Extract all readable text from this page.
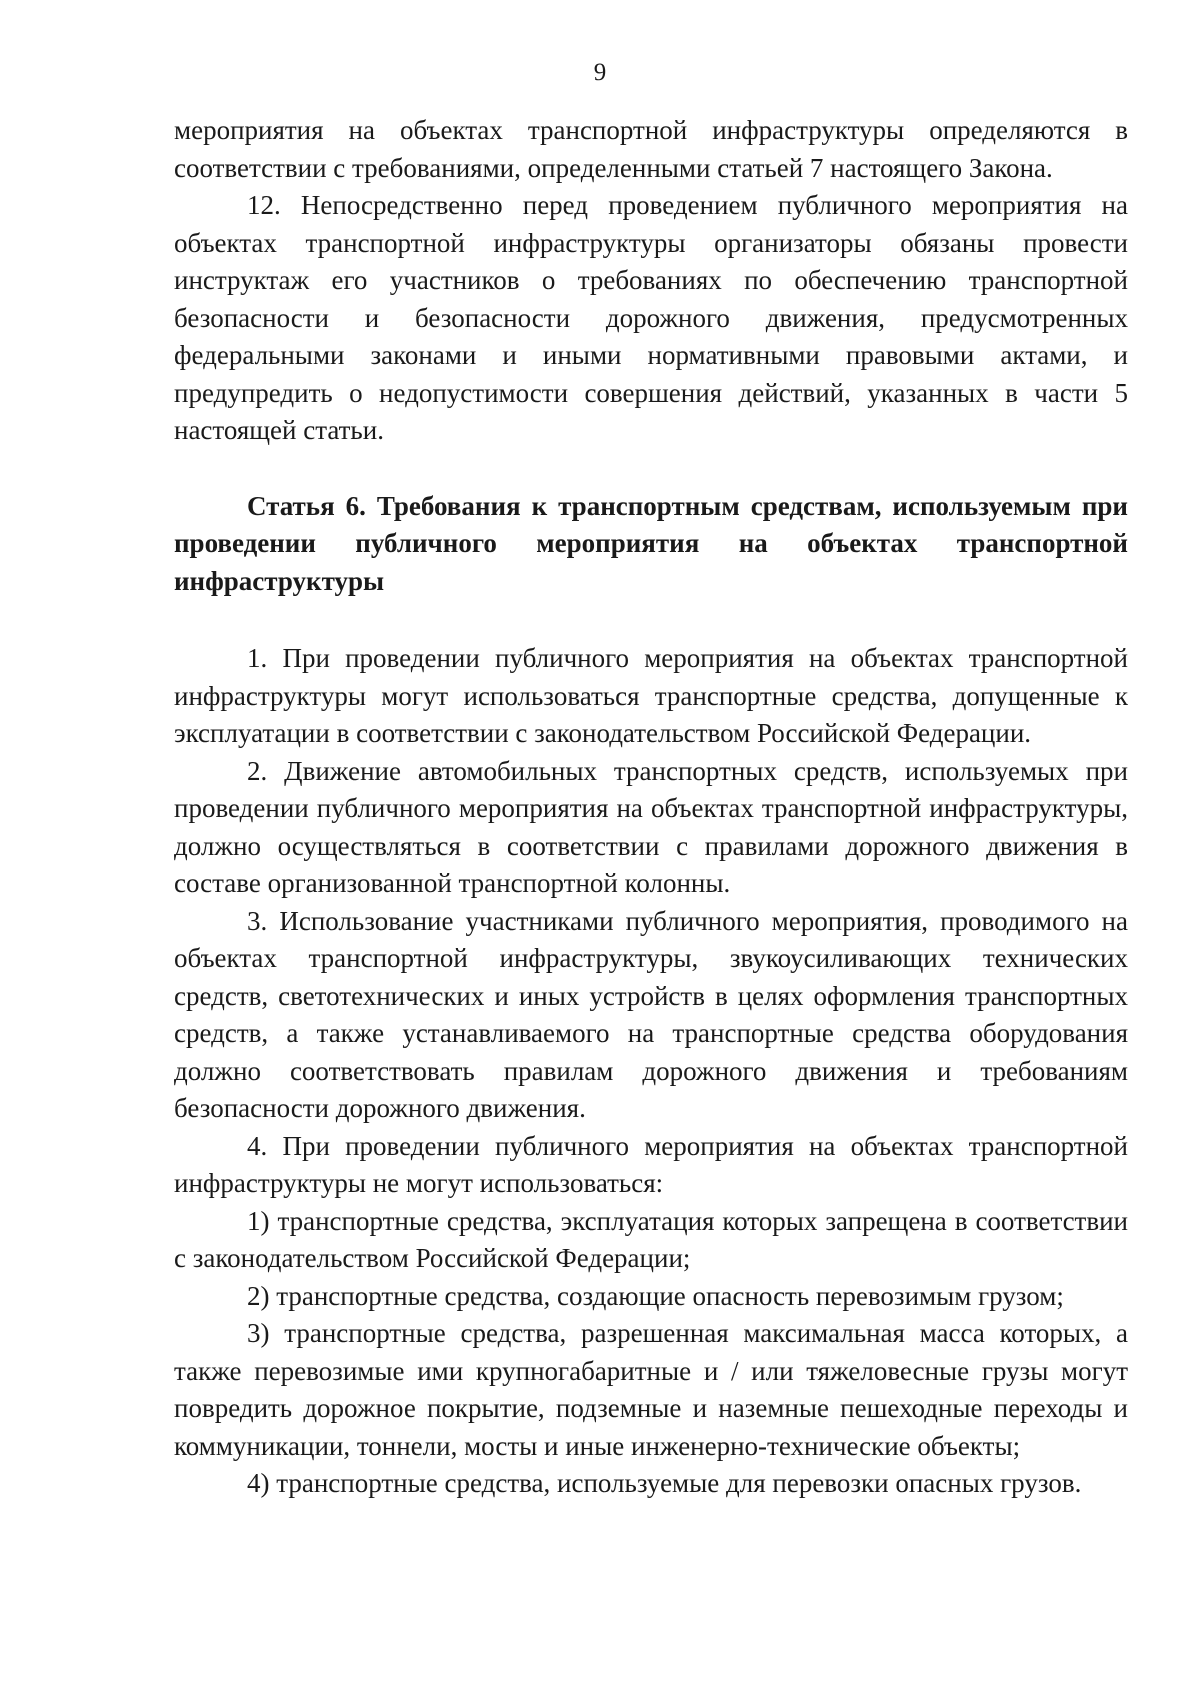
9

мероприятия на объектах транспортной инфраструктуры определяются в соответствии с требованиями, определенными статьей 7 настоящего Закона.

12. Непосредственно перед проведением публичного мероприятия на объектах транспортной инфраструктуры организаторы обязаны провести инструктаж его участников о требованиях по обеспечению транспортной безопасности и безопасности дорожного движения, предусмотренных федеральными законами и иными нормативными правовыми актами, и предупредить о недопустимости совершения действий, указанных в части 5 настоящей статьи.

Статья 6. Требования к транспортным средствам, используемым при проведении публичного мероприятия на объектах транспортной инфраструктуры

1. При проведении публичного мероприятия на объектах транспортной инфраструктуры могут использоваться транспортные средства, допущенные к эксплуатации в соответствии с законодательством Российской Федерации.

2. Движение автомобильных транспортных средств, используемых при проведении публичного мероприятия на объектах транспортной инфраструктуры, должно осуществляться в соответствии с правилами дорожного движения в составе организованной транспортной колонны.

3. Использование участниками публичного мероприятия, проводимого на объектах транспортной инфраструктуры, звукоусиливающих технических средств, светотехнических и иных устройств в целях оформления транспортных средств, а также устанавливаемого на транспортные средства оборудования должно соответствовать правилам дорожного движения и требованиям безопасности дорожного движения.

4. При проведении публичного мероприятия на объектах транспортной инфраструктуры не могут использоваться:

1) транспортные средства, эксплуатация которых запрещена в соответствии с законодательством Российской Федерации;

2) транспортные средства, создающие опасность перевозимым грузом;

3) транспортные средства, разрешенная максимальная масса которых, а также перевозимые ими крупногабаритные и / или тяжеловесные грузы могут повредить дорожное покрытие, подземные и наземные пешеходные переходы и коммуникации, тоннели, мосты и иные инженерно-технические объекты;

4) транспортные средства, используемые для перевозки опасных грузов.
